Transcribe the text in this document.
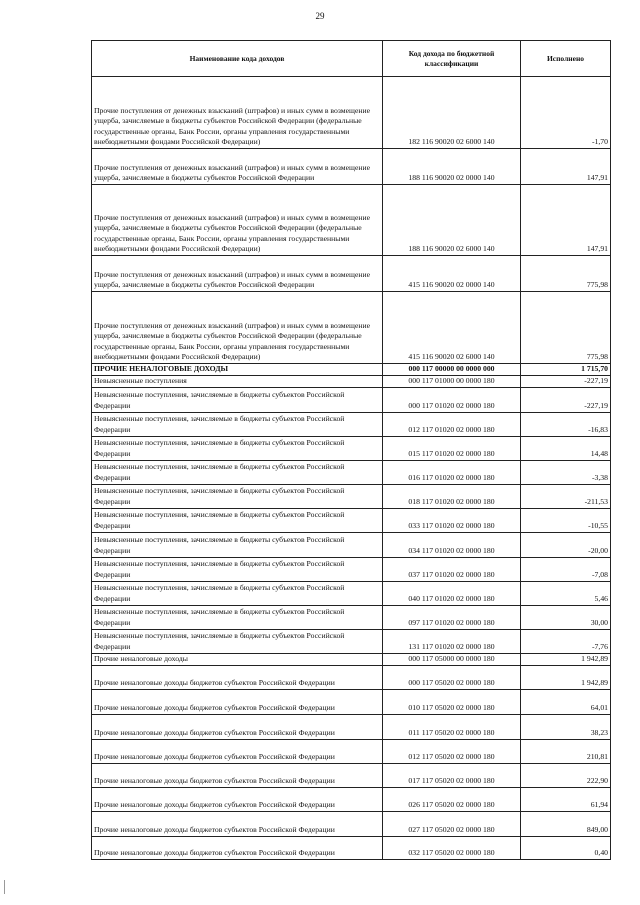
29
Наименование кода доходов	Код дохода по бюджетной классификации	Исполнено
Прочие поступления от денежных взысканий (штрафов) и иных сумм в возмещение ущерба, зачисляемые в бюджеты субъектов Российской Федерации (федеральные государственные органы, Банк России, органы управления государственными внебюджетными фондами Российской Федерации)	182 116 90020 02 6000 140	-1,70
Прочие поступления от денежных взысканий (штрафов) и иных сумм в возмещение ущерба, зачисляемые в бюджеты субъектов Российской Федерации	188 116 90020 02 0000 140	147,91
Прочие поступления от денежных взысканий (штрафов) и иных сумм в возмещение ущерба, зачисляемые в бюджеты субъектов Российской Федерации (федеральные государственные органы, Банк России, органы управления государственными внебюджетными фондами Российской Федерации)	188 116 90020 02 6000 140	147,91
Прочие поступления от денежных взысканий (штрафов) и иных сумм в возмещение ущерба, зачисляемые в бюджеты субъектов Российской Федерации	415 116 90020 02 0000 140	775,98
Прочие поступления от денежных взысканий (штрафов) и иных сумм в возмещение ущерба, зачисляемые в бюджеты субъектов Российской Федерации (федеральные государственные органы, Банк России, органы управления государственными внебюджетными фондами Российской Федерации)	415 116 90020 02 6000 140	775,98
ПРОЧИЕ НЕНАЛОГОВЫЕ ДОХОДЫ	000 117 00000 00 0000 000	1 715,70
Невыясненные поступления	000 117 01000 00 0000 180	-227,19
Невыясненные поступления, зачисляемые в бюджеты субъектов Российской Федерации	000 117 01020 02 0000 180	-227,19
Невыясненные поступления, зачисляемые в бюджеты субъектов Российской Федерации	012 117 01020 02 0000 180	-16,83
Невыясненные поступления, зачисляемые в бюджеты субъектов Российской Федерации	015 117 01020 02 0000 180	14,48
Невыясненные поступления, зачисляемые в бюджеты субъектов Российской Федерации	016 117 01020 02 0000 180	-3,38
Невыясненные поступления, зачисляемые в бюджеты субъектов Российской Федерации	018 117 01020 02 0000 180	-211,53
Невыясненные поступления, зачисляемые в бюджеты субъектов Российской Федерации	033 117 01020 02 0000 180	-10,55
Невыясненные поступления, зачисляемые в бюджеты субъектов Российской Федерации	034 117 01020 02 0000 180	-20,00
Невыясненные поступления, зачисляемые в бюджеты субъектов Российской Федерации	037 117 01020 02 0000 180	-7,08
Невыясненные поступления, зачисляемые в бюджеты субъектов Российской Федерации	040 117 01020 02 0000 180	5,46
Невыясненные поступления, зачисляемые в бюджеты субъектов Российской Федерации	097 117 01020 02 0000 180	30,00
Невыясненные поступления, зачисляемые в бюджеты субъектов Российской Федерации	131 117 01020 02 0000 180	-7,76
Прочие неналоговые доходы	000 117 05000 00 0000 180	1 942,89
Прочие неналоговые доходы бюджетов субъектов Российской Федерации	000 117 05020 02 0000 180	1 942,89
Прочие неналоговые доходы бюджетов субъектов Российской Федерации	010 117 05020 02 0000 180	64,01
Прочие неналоговые доходы бюджетов субъектов Российской Федерации	011 117 05020 02 0000 180	38,23
Прочие неналоговые доходы бюджетов субъектов Российской Федерации	012 117 05020 02 0000 180	210,81
Прочие неналоговые доходы бюджетов субъектов Российской Федерации	017 117 05020 02 0000 180	222,90
Прочие неналоговые доходы бюджетов субъектов Российской Федерации	026 117 05020 02 0000 180	61,94
Прочие неналоговые доходы бюджетов субъектов Российской Федерации	027 117 05020 02 0000 180	849,00
Прочие неналоговые доходы бюджетов субъектов Российской Федерации	032 117 05020 02 0000 180	0,40
